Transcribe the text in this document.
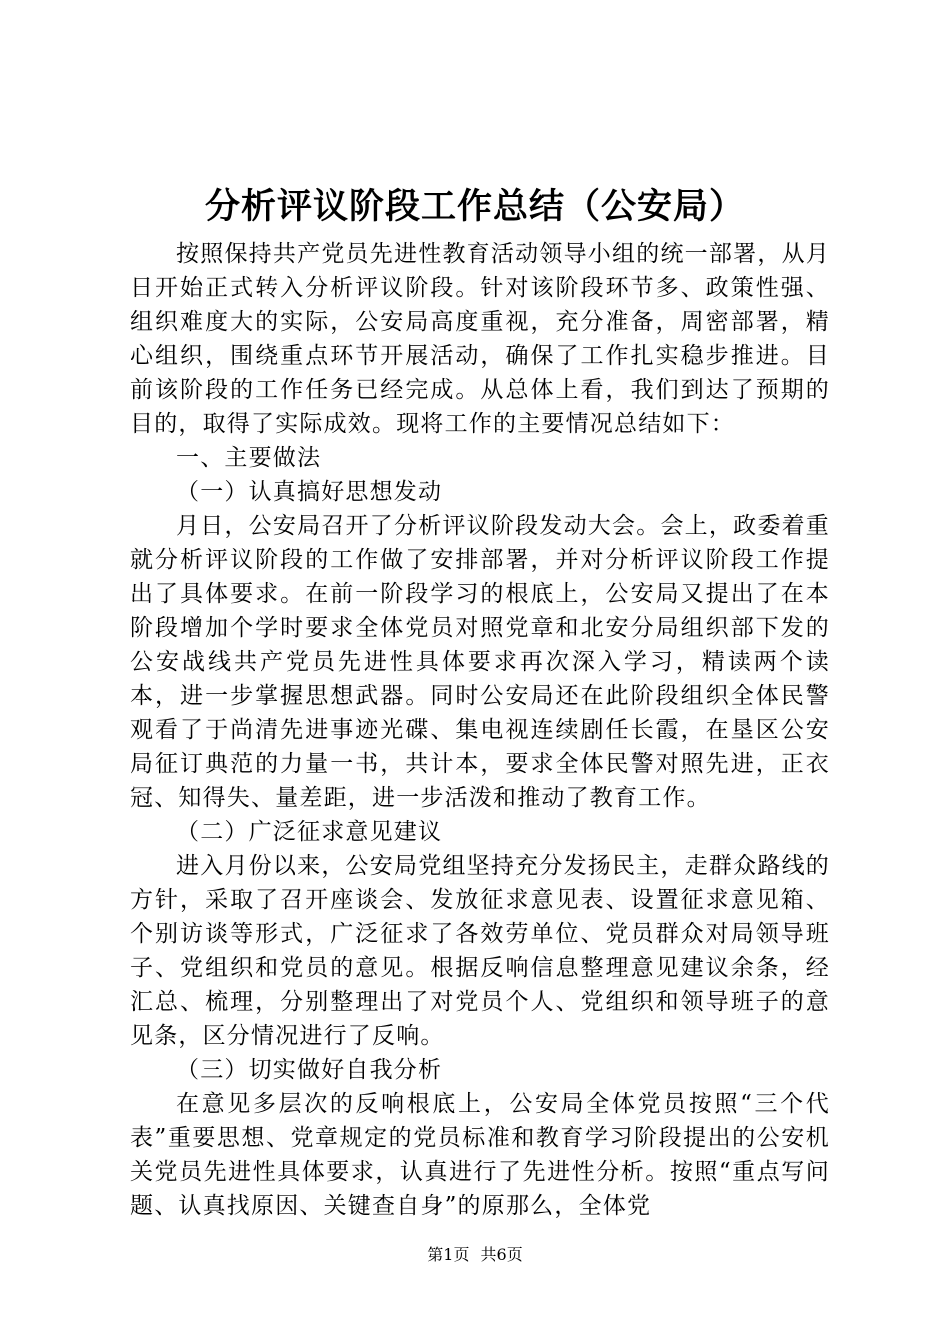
分析评议阶段工作总结（公安局）

按照保持共产党员先进性教育活动领导小组的统一部署，从月日开始正式转入分析评议阶段。针对该阶段环节多、政策性强、组织难度大的实际，公安局高度重视，充分准备，周密部署，精心组织，围绕重点环节开展活动，确保了工作扎实稳步推进。目前该阶段的工作任务已经完成。从总体上看，我们到达了预期的目的，取得了实际成效。现将工作的主要情况总结如下：

一、主要做法

（一）认真搞好思想发动

月日，公安局召开了分析评议阶段发动大会。会上，政委着重就分析评议阶段的工作做了安排部署，并对分析评议阶段工作提出了具体要求。在前一阶段学习的根底上，公安局又提出了在本阶段增加个学时要求全体党员对照党章和北安分局组织部下发的公安战线共产党员先进性具体要求再次深入学习，精读两个读本，进一步掌握思想武器。同时公安局还在此阶段组织全体民警观看了于尚清先进事迹光碟、集电视连续剧任长霞，在垦区公安局征订典范的力量一书，共计本，要求全体民警对照先进，正衣冠、知得失、量差距，进一步活泼和推动了教育工作。

（二）广泛征求意见建议

进入月份以来，公安局党组坚持充分发扬民主，走群众路线的方针，采取了召开座谈会、发放征求意见表、设置征求意见箱、个别访谈等形式，广泛征求了各效劳单位、党员群众对局领导班子、党组织和党员的意见。根据反响信息整理意见建议余条，经汇总、梳理，分别整理出了对党员个人、党组织和领导班子的意见条，区分情况进行了反响。

（三）切实做好自我分析

在意见多层次的反响根底上，公安局全体党员按照“三个代表”重要思想、党章规定的党员标准和教育学习阶段提出的公安机关党员先进性具体要求，认真进行了先进性分析。按照“重点写问题、认真找原因、关键查自身”的原那么，全体党

第1页 共6页
